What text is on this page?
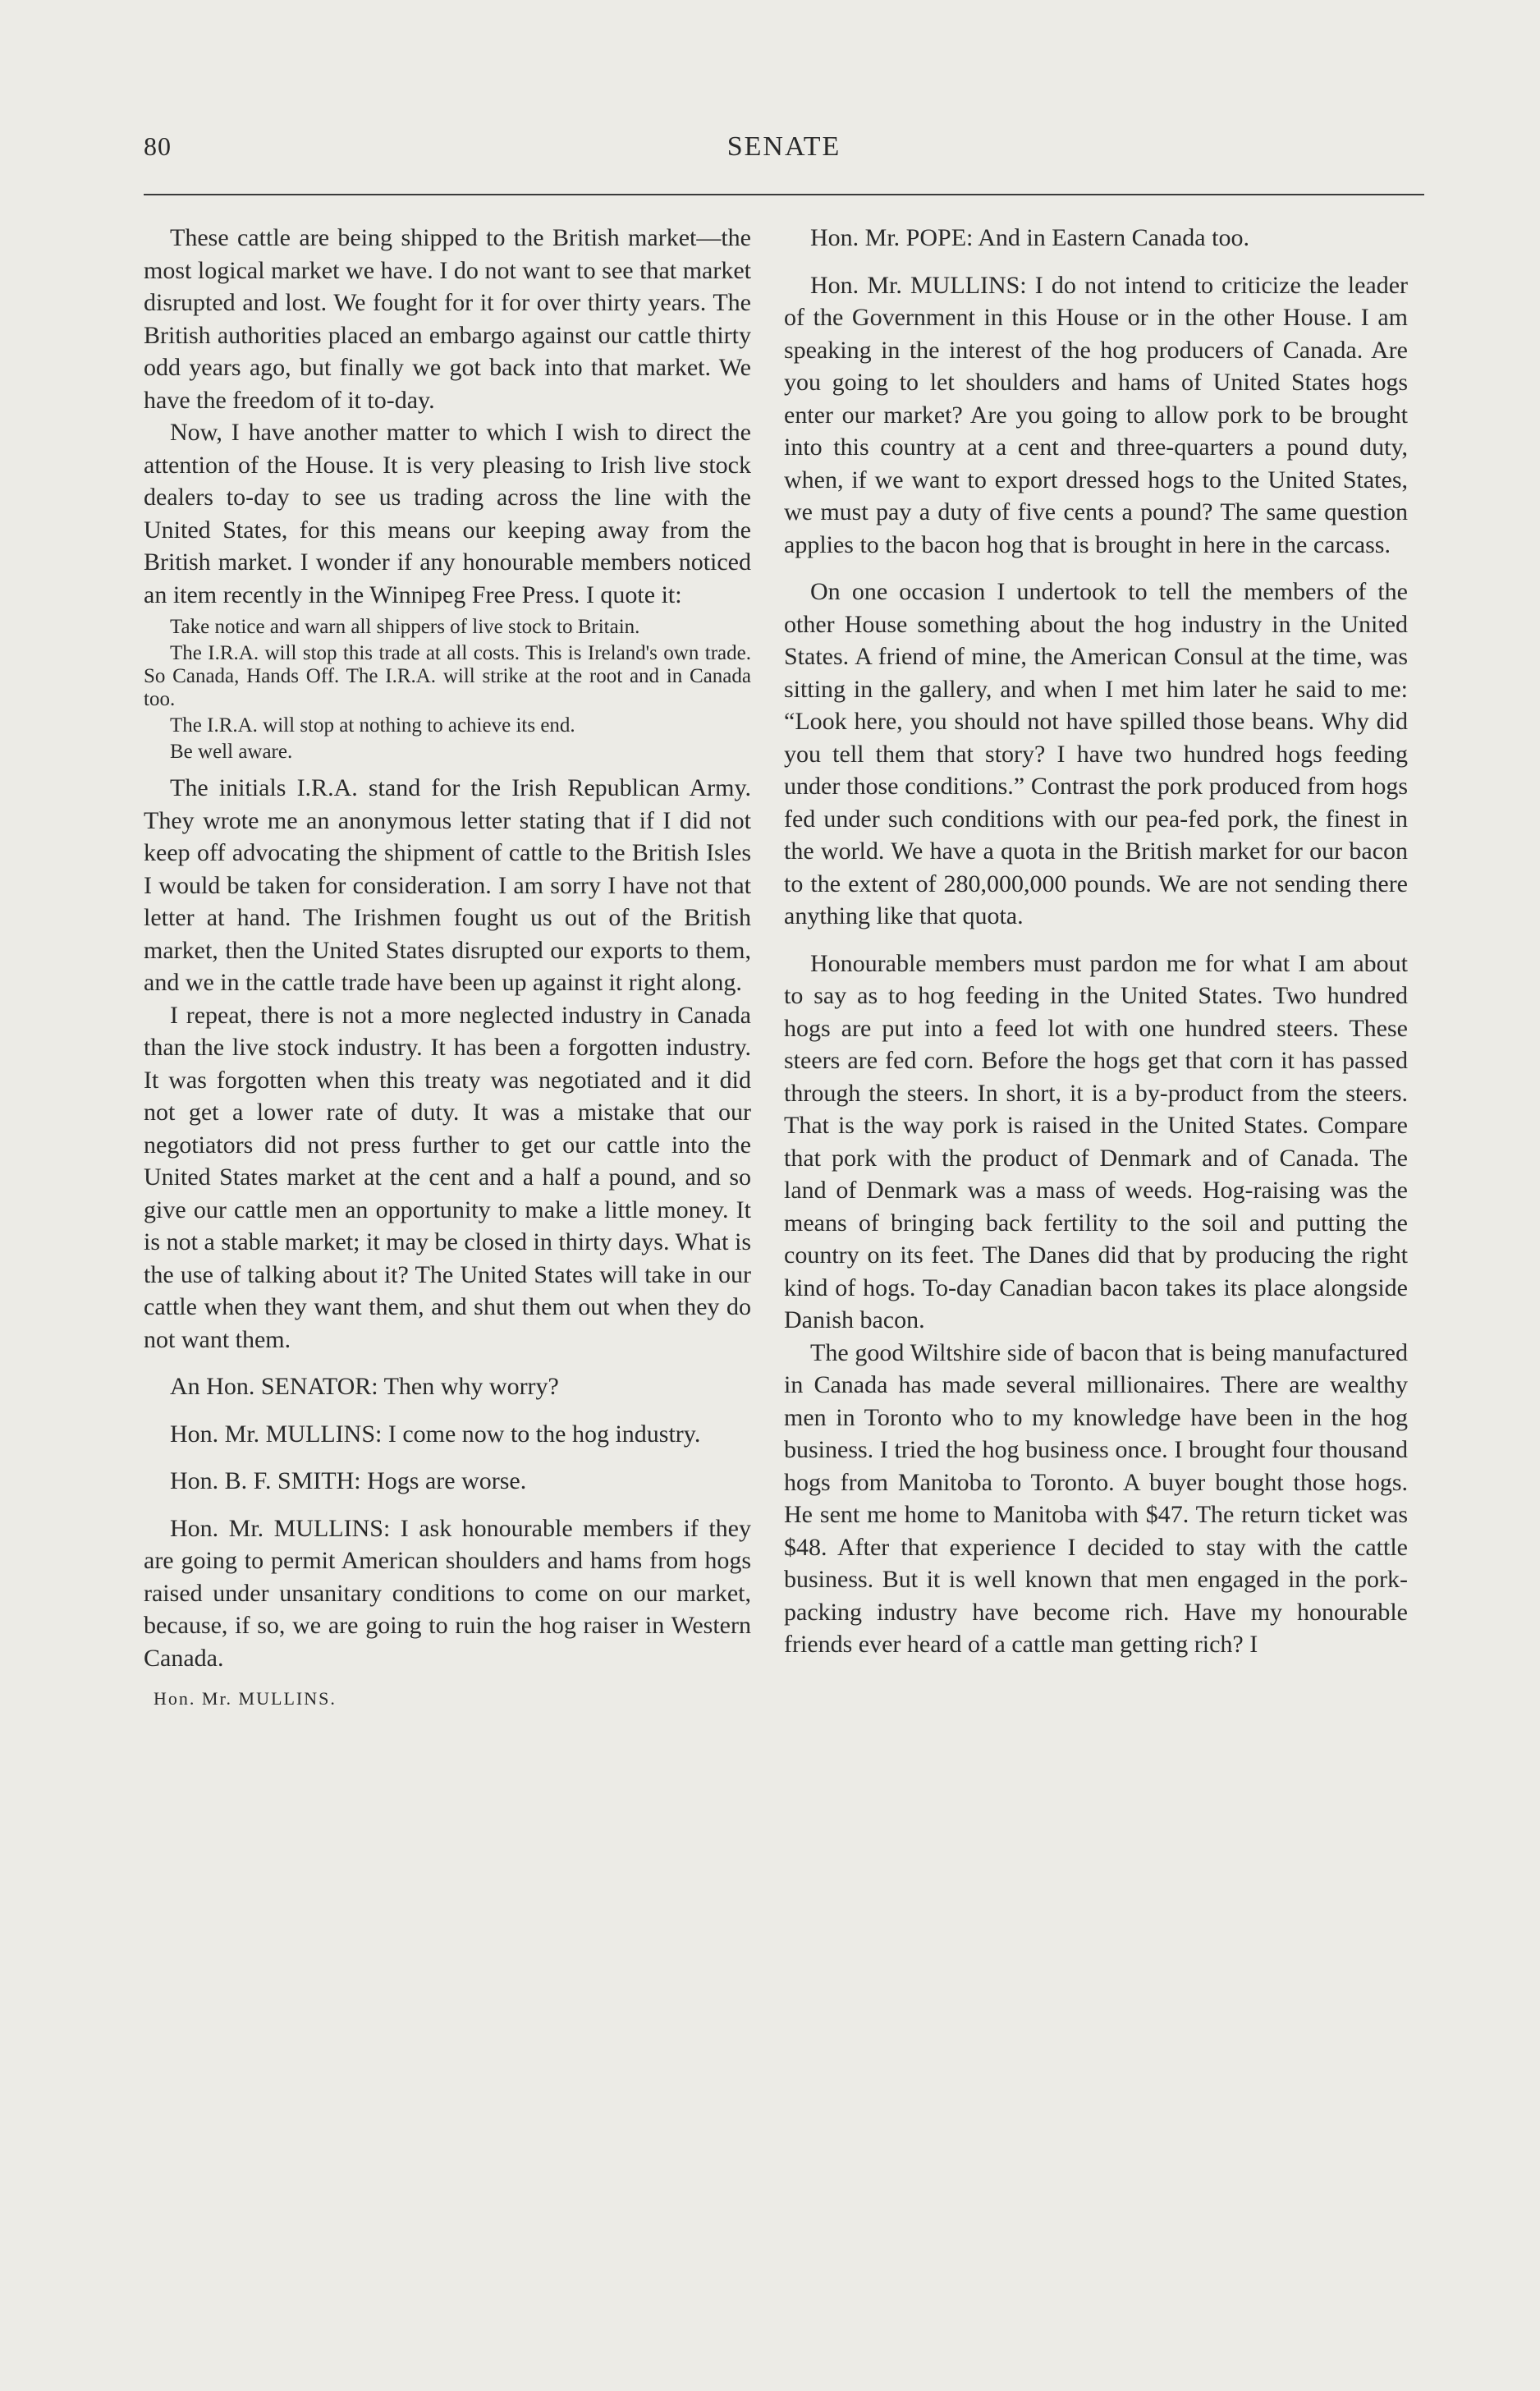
80	SENATE

These cattle are being shipped to the British market—the most logical market we have. I do not want to see that market disrupted and lost. We fought for it for over thirty years. The British authorities placed an embargo against our cattle thirty odd years ago, but finally we got back into that market. We have the freedom of it to-day.

Now, I have another matter to which I wish to direct the attention of the House. It is very pleasing to Irish live stock dealers to-day to see us trading across the line with the United States, for this means our keeping away from the British market. I wonder if any honourable members noticed an item recently in the Winnipeg Free Press. I quote it:

Take notice and warn all shippers of live stock to Britain.

The I.R.A. will stop this trade at all costs. This is Ireland's own trade. So Canada, Hands Off. The I.R.A. will strike at the root and in Canada too.

The I.R.A. will stop at nothing to achieve its end.

Be well aware.

The initials I.R.A. stand for the Irish Republican Army. They wrote me an anonymous letter stating that if I did not keep off advocating the shipment of cattle to the British Isles I would be taken for consideration. I am sorry I have not that letter at hand. The Irishmen fought us out of the British market, then the United States disrupted our exports to them, and we in the cattle trade have been up against it right along.

I repeat, there is not a more neglected industry in Canada than the live stock industry. It has been a forgotten industry. It was forgotten when this treaty was negotiated and it did not get a lower rate of duty. It was a mistake that our negotiators did not press further to get our cattle into the United States market at the cent and a half a pound, and so give our cattle men an opportunity to make a little money. It is not a stable market; it may be closed in thirty days. What is the use of talking about it? The United States will take in our cattle when they want them, and shut them out when they do not want them.

An Hon. SENATOR: Then why worry?

Hon. Mr. MULLINS: I come now to the hog industry.

Hon. B. F. SMITH: Hogs are worse.

Hon. Mr. MULLINS: I ask honourable members if they are going to permit American shoulders and hams from hogs raised under unsanitary conditions to come on our market, because, if so, we are going to ruin the hog raiser in Western Canada.

Hon. Mr. MULLINS.

Hon. Mr. POPE: And in Eastern Canada too.

Hon. Mr. MULLINS: I do not intend to criticize the leader of the Government in this House or in the other House. I am speaking in the interest of the hog producers of Canada. Are you going to let shoulders and hams of United States hogs enter our market? Are you going to allow pork to be brought into this country at a cent and three-quarters a pound duty, when, if we want to export dressed hogs to the United States, we must pay a duty of five cents a pound? The same question applies to the bacon hog that is brought in here in the carcass.

On one occasion I undertook to tell the members of the other House something about the hog industry in the United States. A friend of mine, the American Consul at the time, was sitting in the gallery, and when I met him later he said to me: “Look here, you should not have spilled those beans. Why did you tell them that story? I have two hundred hogs feeding under those conditions.” Contrast the pork produced from hogs fed under such conditions with our pea-fed pork, the finest in the world. We have a quota in the British market for our bacon to the extent of 280,000,000 pounds. We are not sending there anything like that quota.

Honourable members must pardon me for what I am about to say as to hog feeding in the United States. Two hundred hogs are put into a feed lot with one hundred steers. These steers are fed corn. Before the hogs get that corn it has passed through the steers. In short, it is a by-product from the steers. That is the way pork is raised in the United States. Compare that pork with the product of Denmark and of Canada. The land of Denmark was a mass of weeds. Hog-raising was the means of bringing back fertility to the soil and putting the country on its feet. The Danes did that by producing the right kind of hogs. To-day Canadian bacon takes its place alongside Danish bacon.

The good Wiltshire side of bacon that is being manufactured in Canada has made several millionaires. There are wealthy men in Toronto who to my knowledge have been in the hog business. I tried the hog business once. I brought four thousand hogs from Manitoba to Toronto. A buyer bought those hogs. He sent me home to Manitoba with $47. The return ticket was $48. After that experience I decided to stay with the cattle business. But it is well known that men engaged in the pork-packing industry have become rich. Have my honourable friends ever heard of a cattle man getting rich? I
